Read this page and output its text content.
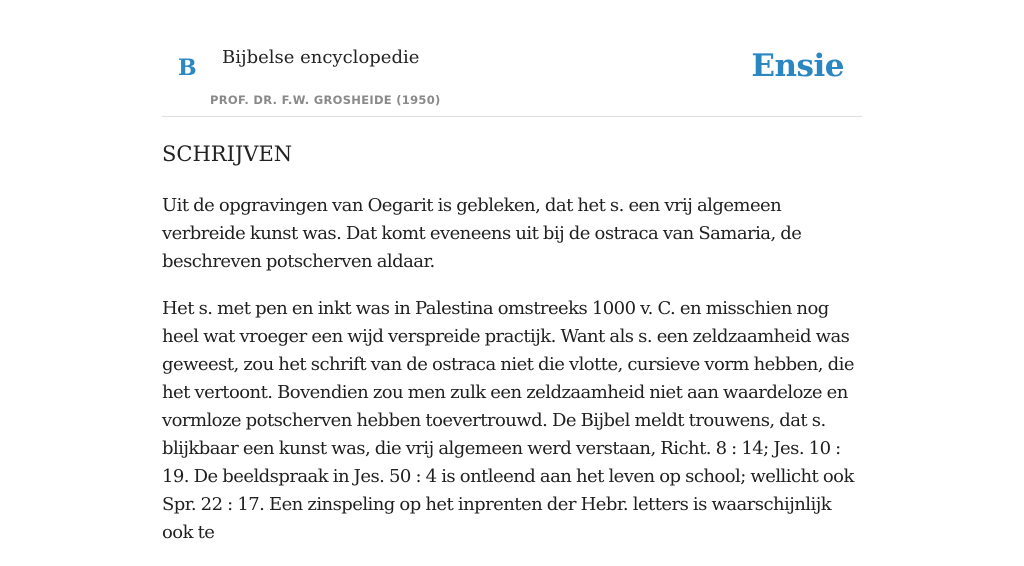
B Bijbelse encyclopedie
PROF. DR. F.W. GROSHEIDE (1950)
Ensie
SCHRIJVEN

Uit de opgravingen van Oegarit is gebleken, dat het s. een vrij algemeen verbreide kunst was. Dat komt eveneens uit bij de ostraca van Samaria, de beschreven potscherven aldaar.

Het s. met pen en inkt was in Palestina omstreeks 1000 v. C. en misschien nog heel wat vroeger een wijd verspreide practijk. Want als s. een zeldzaamheid was geweest, zou het schrift van de ostraca niet die vlotte, cursieve vorm hebben, die het vertoont. Bovendien zou men zulk een zeldzaamheid niet aan waardeloze en vormloze potscherven hebben toevertrouwd. De Bijbel meldt trouwens, dat s. blijkbaar een kunst was, die vrij algemeen werd verstaan, Richt. 8 : 14; Jes. 10 : 19. De beeldspraak in Jes. 50 : 4 is ontleend aan het leven op school; wellicht ook Spr. 22 : 17. Een zinspeling op het inprenten der Hebr. letters is waarschijnlijk ook te
